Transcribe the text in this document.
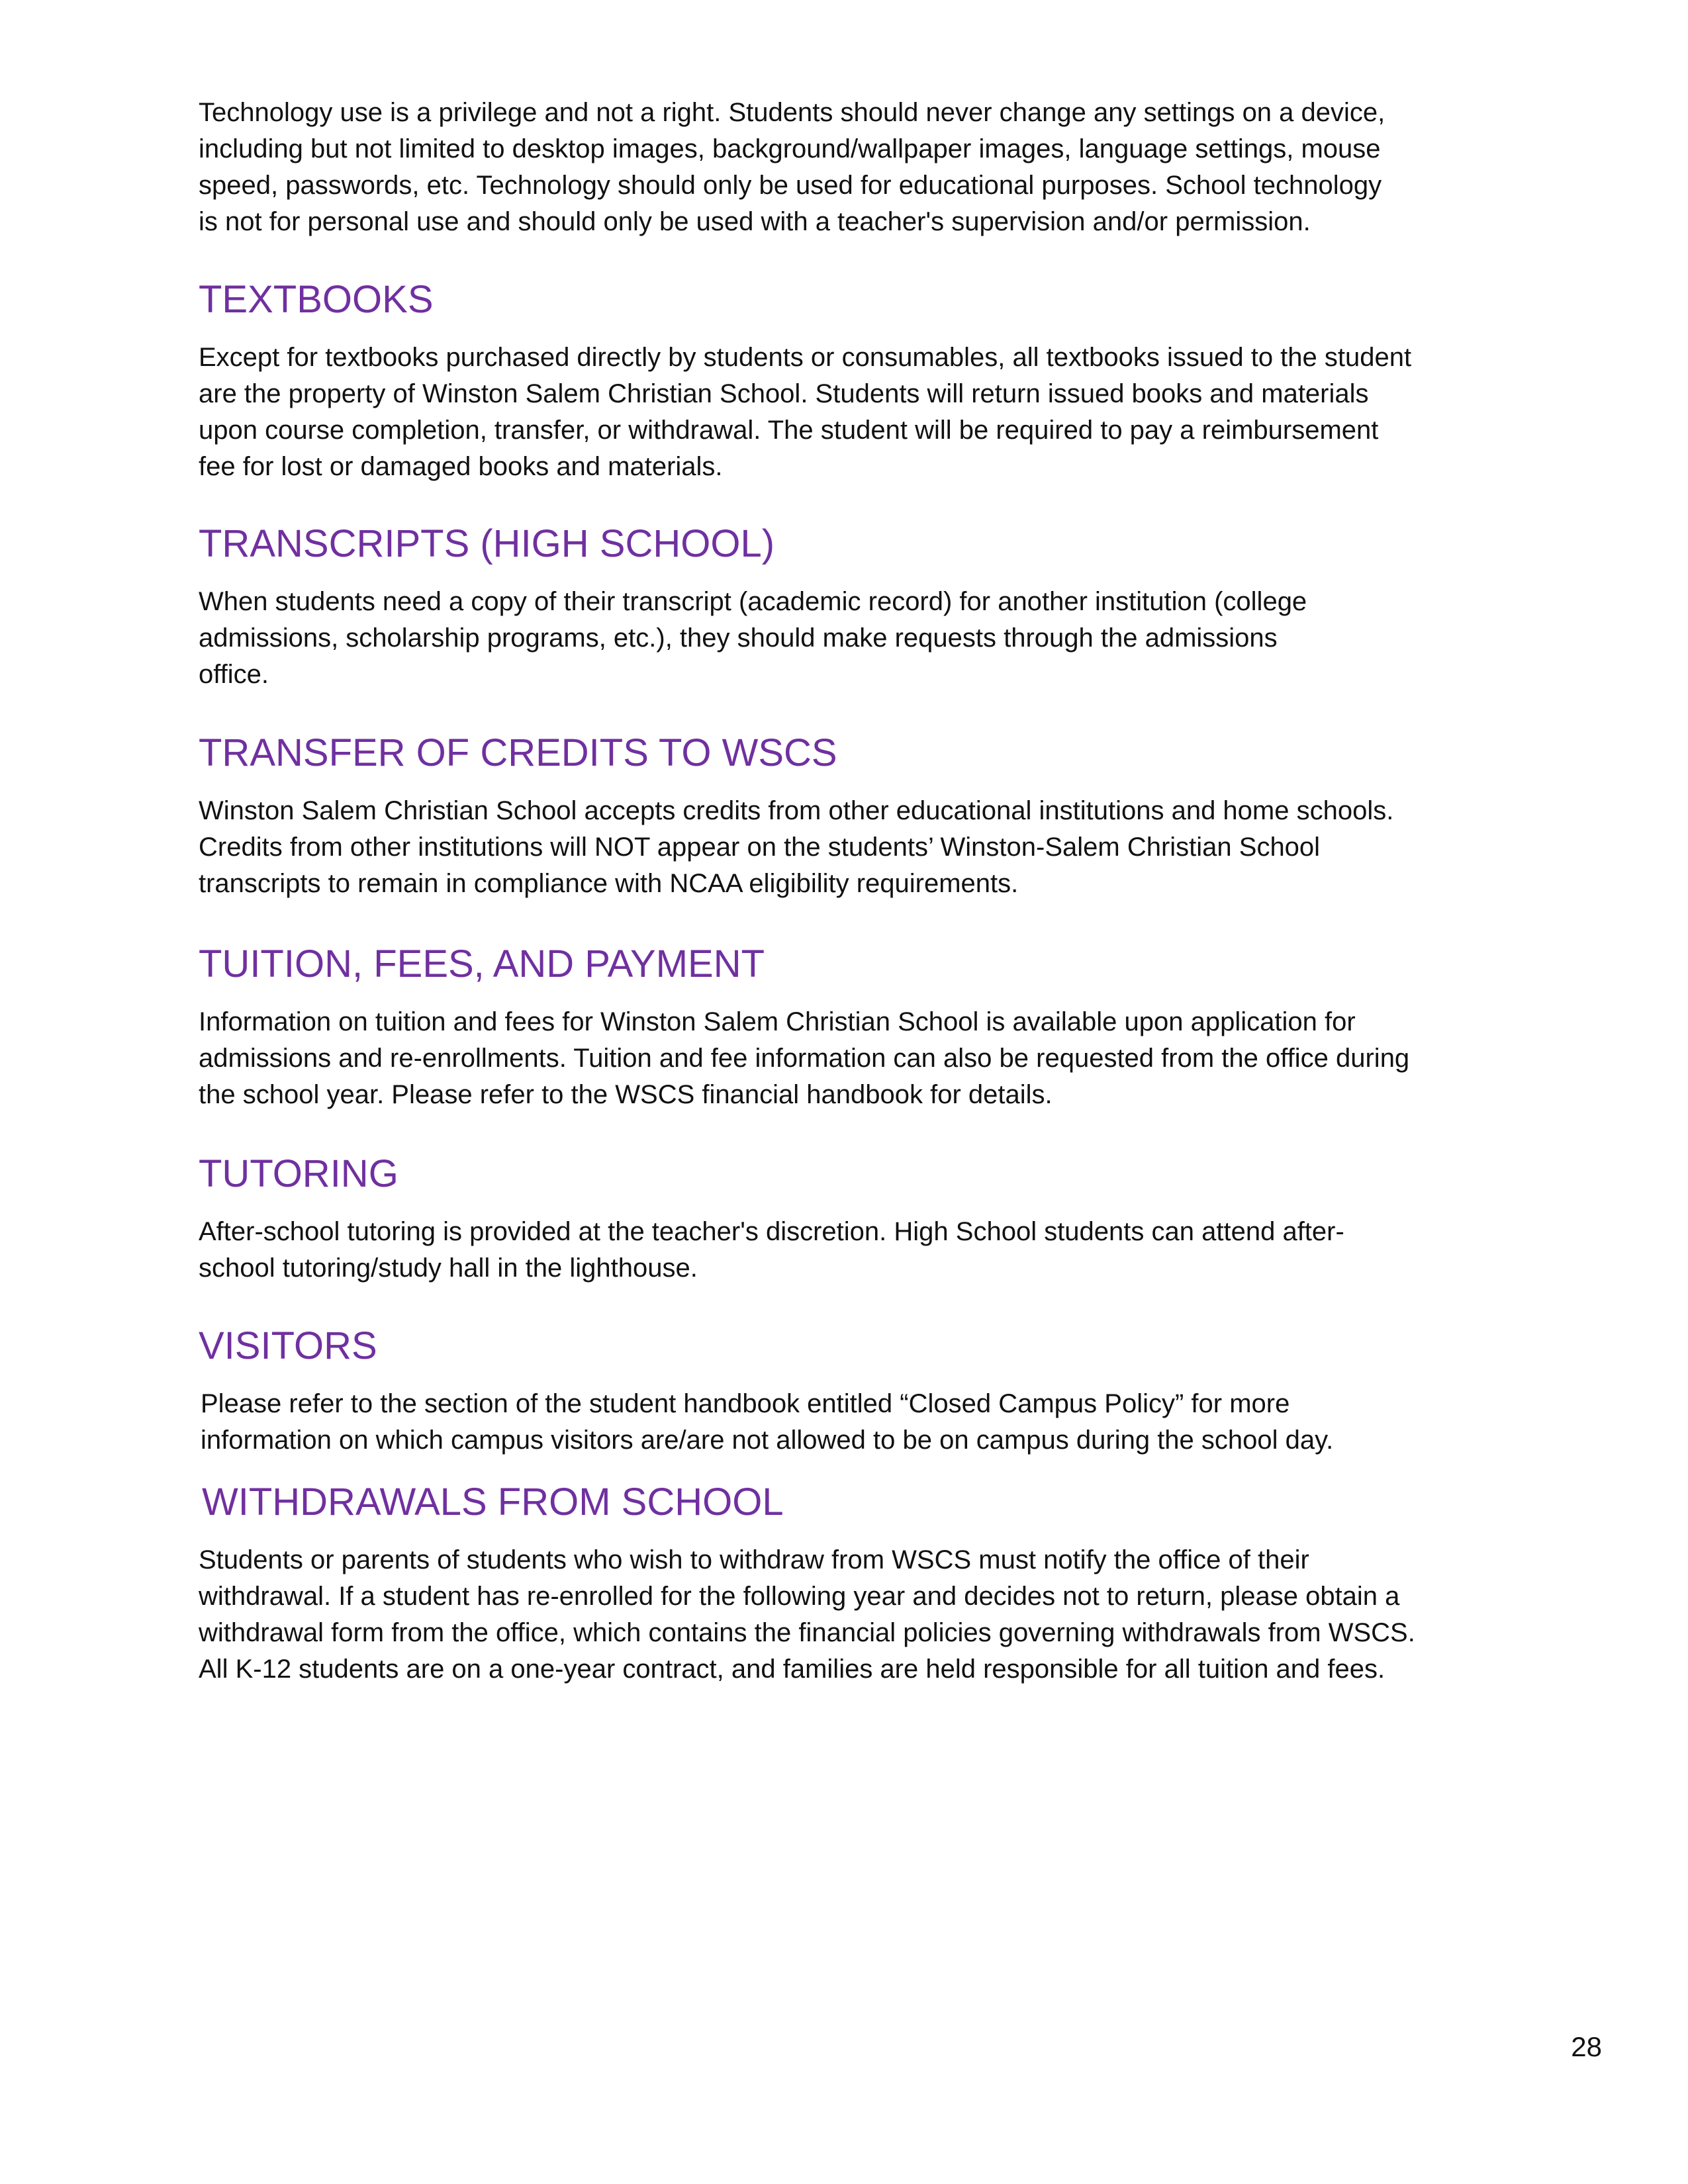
Technology use is a privilege and not a right. Students should never change any settings on a device,
including but not limited to desktop images, background/wallpaper images, language settings, mouse
speed, passwords, etc. Technology should only be used for educational purposes. School technology
is not for personal use and should only be used with a teacher's supervision and/or permission.

TEXTBOOKS

Except for textbooks purchased directly by students or consumables, all textbooks issued to the student
are the property of Winston Salem Christian School. Students will return issued books and materials
upon course completion, transfer, or withdrawal. The student will be required to pay a reimbursement
fee for lost or damaged books and materials.

TRANSCRIPTS (HIGH SCHOOL)

When students need a copy of their transcript (academic record) for another institution (college
admissions, scholarship programs, etc.), they should make requests through the admissions
office.

TRANSFER OF CREDITS TO WSCS

Winston Salem Christian School accepts credits from other educational institutions and home schools.
Credits from other institutions will NOT appear on the students’ Winston-Salem Christian School
transcripts to remain in compliance with NCAA eligibility requirements.

TUITION, FEES, AND PAYMENT

Information on tuition and fees for Winston Salem Christian School is available upon application for
admissions and re-enrollments. Tuition and fee information can also be requested from the office during
the school year. Please refer to the WSCS financial handbook for details.

TUTORING

After-school tutoring is provided at the teacher's discretion. High School students can attend after-
school tutoring/study hall in the lighthouse.

VISITORS

Please refer to the section of the student handbook entitled “Closed Campus Policy” for more
information on which campus visitors are/are not allowed to be on campus during the school day.

WITHDRAWALS FROM SCHOOL

Students or parents of students who wish to withdraw from WSCS must notify the office of their
withdrawal. If a student has re-enrolled for the following year and decides not to return, please obtain a
withdrawal form from the office, which contains the financial policies governing withdrawals from WSCS.
All K-12 students are on a one-year contract, and families are held responsible for all tuition and fees.

28
